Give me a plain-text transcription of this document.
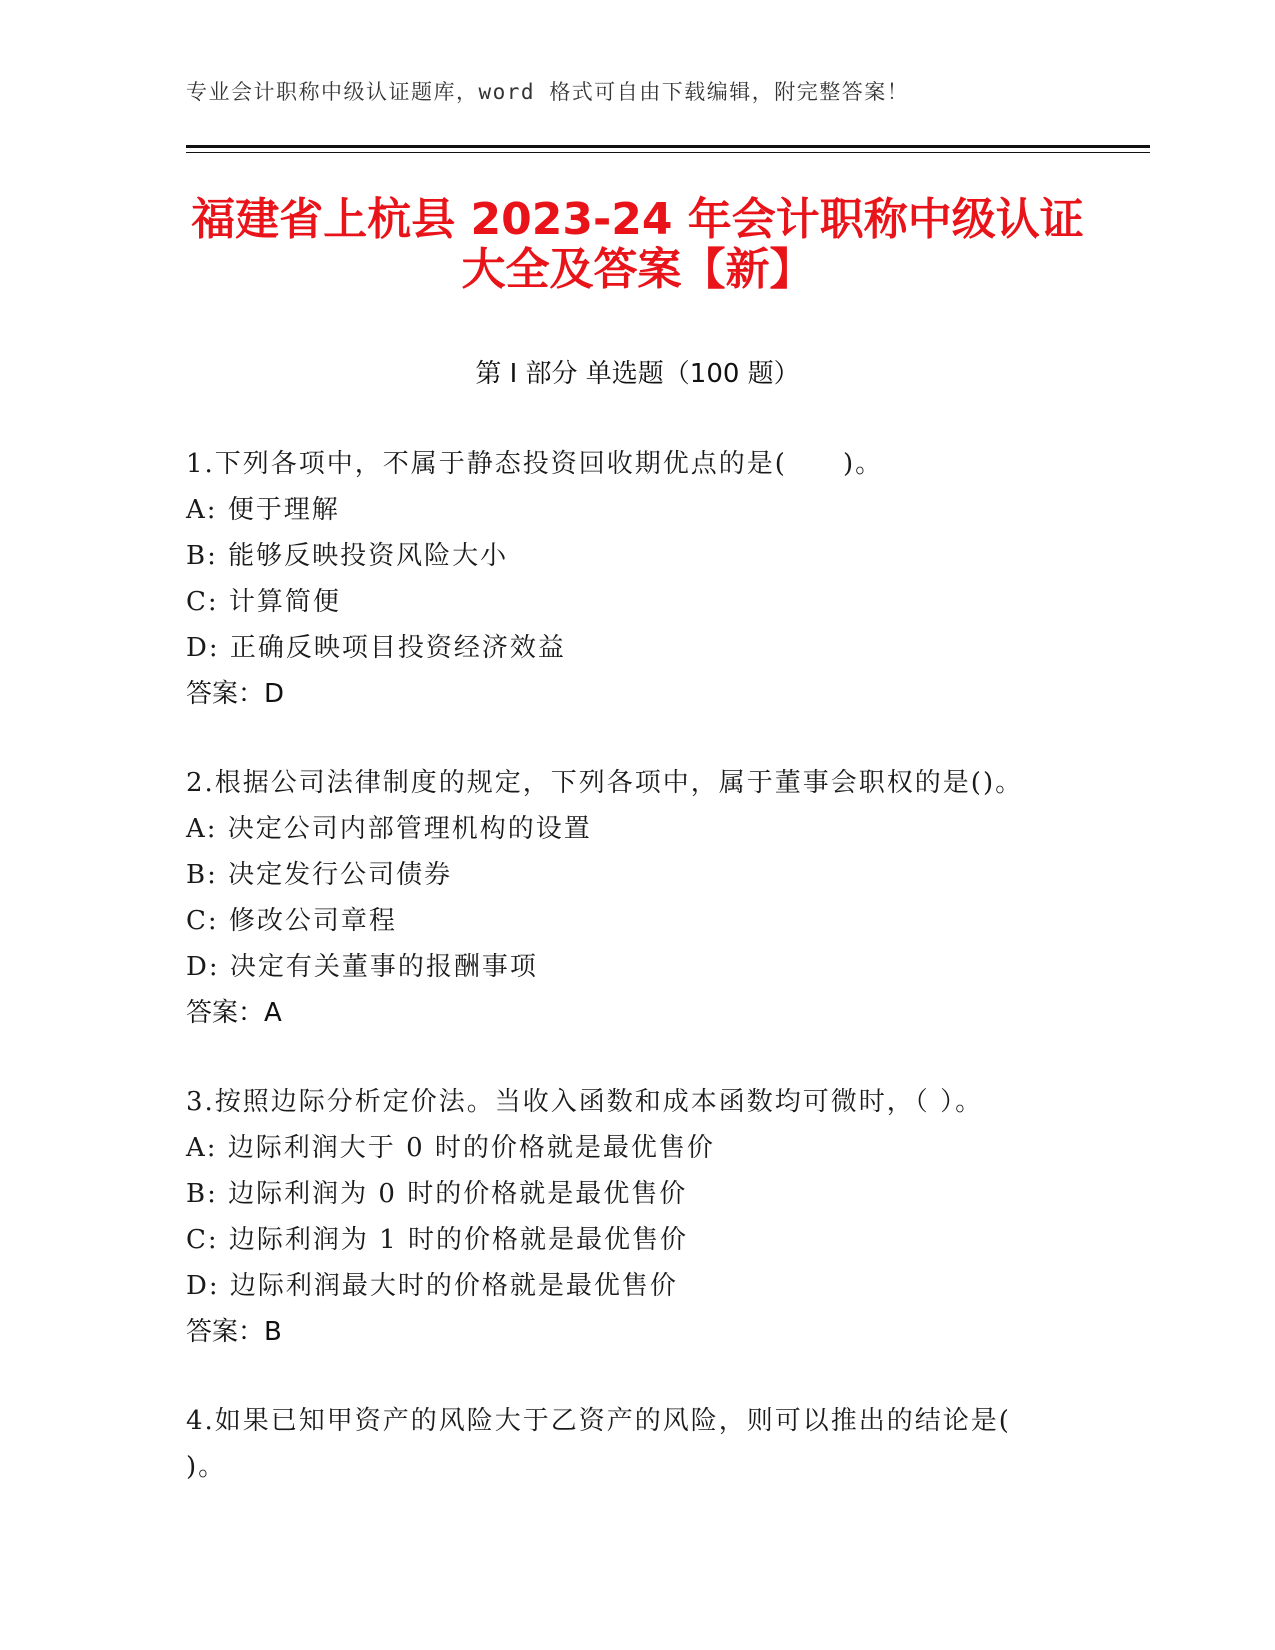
专业会计职称中级认证题库，word 格式可自由下载编辑，附完整答案！
福建省上杭县 2023-24 年会计职称中级认证
大全及答案【新】
第 I 部分 单选题（100 题）
1.下列各项中，不属于静态投资回收期优点的是(　　)。
A: 便于理解
B: 能够反映投资风险大小
C: 计算简便
D: 正确反映项目投资经济效益
答案：D
2.根据公司法律制度的规定，下列各项中，属于董事会职权的是()。
A: 决定公司内部管理机构的设置
B: 决定发行公司债券
C: 修改公司章程
D: 决定有关董事的报酬事项
答案：A
3.按照边际分析定价法。当收入函数和成本函数均可微时，（ ）。
A: 边际利润大于 0 时的价格就是最优售价
B: 边际利润为 0 时的价格就是最优售价
C: 边际利润为 1 时的价格就是最优售价
D: 边际利润最大时的价格就是最优售价
答案：B
4.如果已知甲资产的风险大于乙资产的风险，则可以推出的结论是(
)。
